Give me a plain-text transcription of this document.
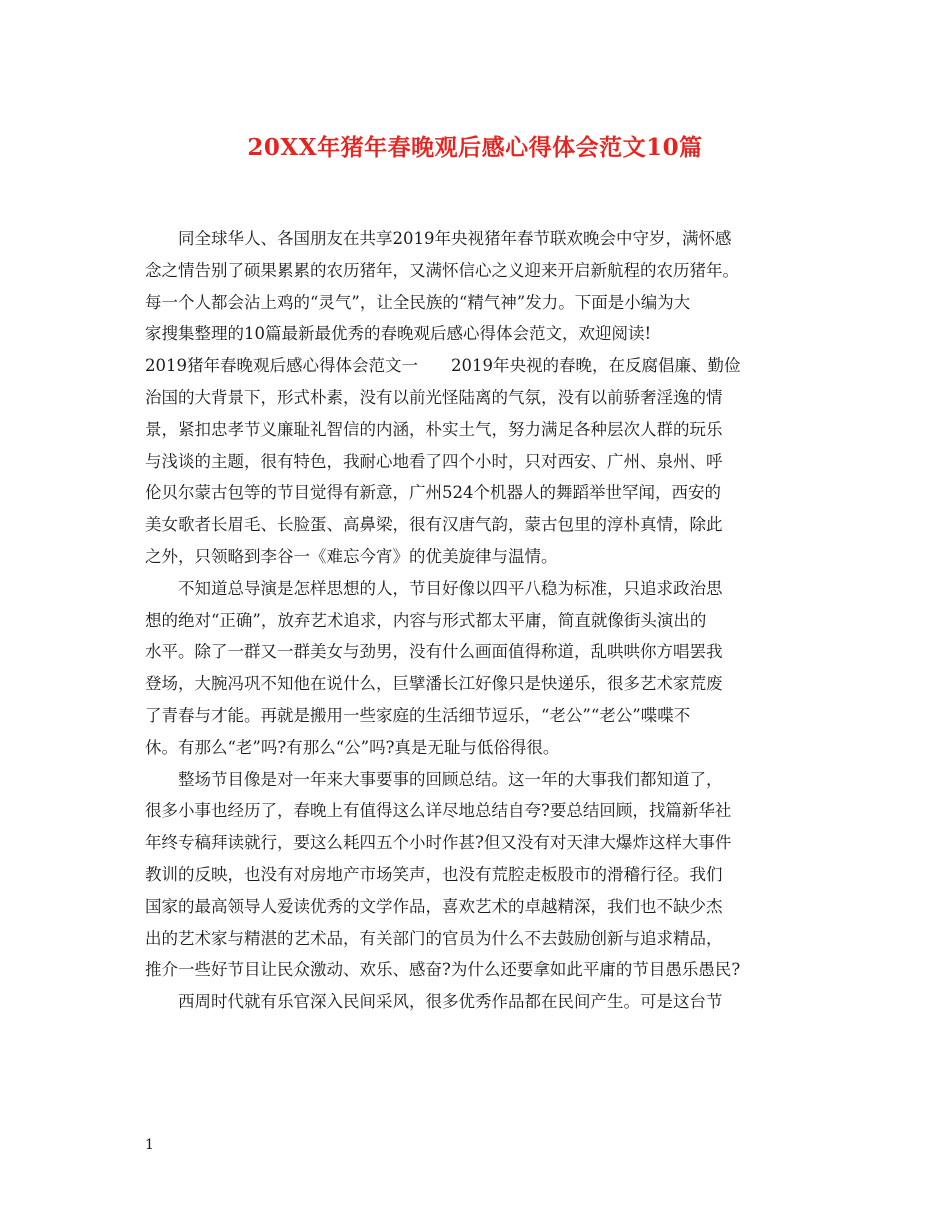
20XX年猪年春晚观后感心得体会范文10篇
同全球华人、各国朋友在共享2019年央视猪年春节联欢晚会中守岁，满怀感
念之情告别了硕果累累的农历猪年，又满怀信心之义迎来开启新航程的农历猪年。
每一个人都会沾上鸡的“灵气”，让全民族的“精气神”发力。下面是小编为大
家搜集整理的10篇最新最优秀的春晚观后感心得体会范文，欢迎阅读!
2019猪年春晚观后感心得体会范文一　　2019年央视的春晚，在反腐倡廉、勤俭
治国的大背景下，形式朴素，没有以前光怪陆离的气氛，没有以前骄奢淫逸的情
景，紧扣忠孝节义廉耻礼智信的内涵，朴实土气，努力满足各种层次人群的玩乐
与浅谈的主题，很有特色，我耐心地看了四个小时，只对西安、广州、泉州、呼
伦贝尔蒙古包等的节目觉得有新意，广州524个机器人的舞蹈举世罕闻，西安的
美女歌者长眉毛、长脸蛋、高鼻梁，很有汉唐气韵，蒙古包里的淳朴真情，除此
之外，只领略到李谷一《难忘今宵》的优美旋律与温情。
不知道总导演是怎样思想的人，节目好像以四平八稳为标准，只追求政治思
想的绝对“正确”，放弃艺术追求，内容与形式都太平庸，简直就像街头演出的
水平。除了一群又一群美女与劲男，没有什么画面值得称道，乱哄哄你方唱罢我
登场，大腕冯巩不知他在说什么，巨擘潘长江好像只是快递乐，很多艺术家荒废
了青春与才能。再就是搬用一些家庭的生活细节逗乐，“老公”“老公”喋喋不
休。有那么“老”吗?有那么“公”吗?真是无耻与低俗得很。
整场节目像是对一年来大事要事的回顾总结。这一年的大事我们都知道了，
很多小事也经历了，春晚上有值得这么详尽地总结自夸?要总结回顾，找篇新华社
年终专稿拜读就行，要这么耗四五个小时作甚?但又没有对天津大爆炸这样大事件
教训的反映，也没有对房地产市场笑声，也没有荒腔走板股市的滑稽行径。我们
国家的最高领导人爱读优秀的文学作品，喜欢艺术的卓越精深，我们也不缺少杰
出的艺术家与精湛的艺术品，有关部门的官员为什么不去鼓励创新与追求精品，
推介一些好节目让民众激动、欢乐、感奋?为什么还要拿如此平庸的节目愚乐愚民?
西周时代就有乐官深入民间采风，很多优秀作品都在民间产生。可是这台节
1
